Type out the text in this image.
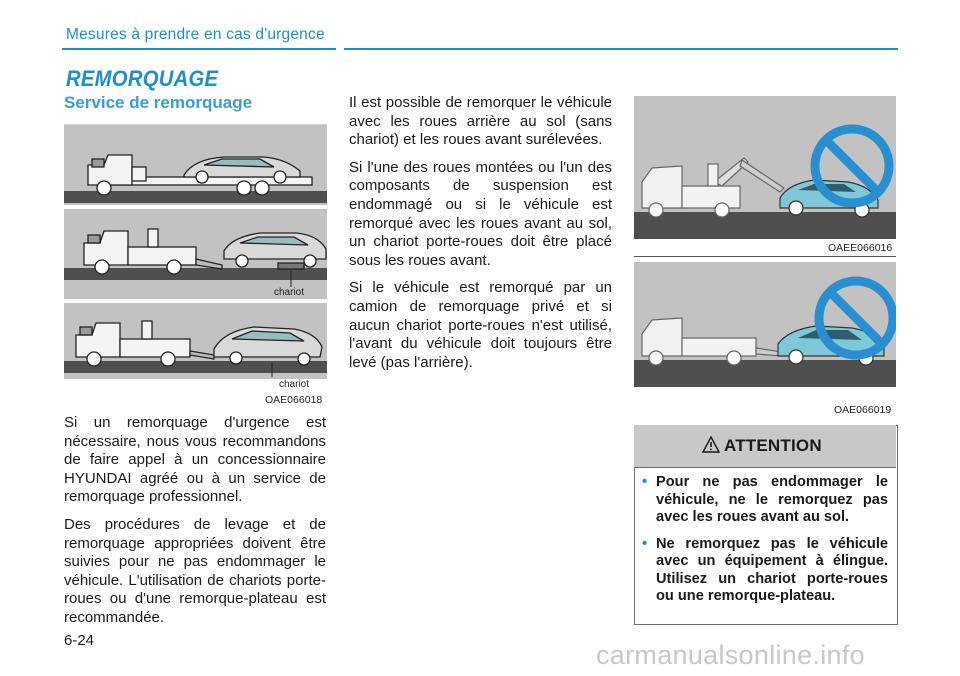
Mesures à prendre en cas d'urgence
REMORQUAGE
Service de remorquage
chariot
chariot
OAE066018

Si un remorquage d'urgence est nécessaire, nous vous recommandons de faire appel à un concessionnaire HYUNDAI agréé ou à un service de remorquage professionnel.

Des procédures de levage et de remorquage appropriées doivent être suivies pour ne pas endommager le véhicule. L'utilisation de chariots porte-roues ou d'une remorque-plateau est recommandée.

Il est possible de remorquer le véhicule avec les roues arrière au sol (sans chariot) et les roues avant surélevées.

Si l'une des roues montées ou l'un des composants de suspension est endommagé ou si le véhicule est remorqué avec les roues avant au sol, un chariot porte-roues doit être placé sous les roues avant.

Si le véhicule est remorqué par un camion de remorquage privé et si aucun chariot porte-roues n'est utilisé, l'avant du véhicule doit toujours être levé (pas l'arrière).

OAEE066016
OAE066019
ATTENTION
• Pour ne pas endommager le véhicule, ne le remorquez pas avec les roues avant au sol.
• Ne remorquez pas le véhicule avec un équipement à élingue. Utilisez un chariot porte-roues ou une remorque-plateau.
6-24	carmanualsonline.info
